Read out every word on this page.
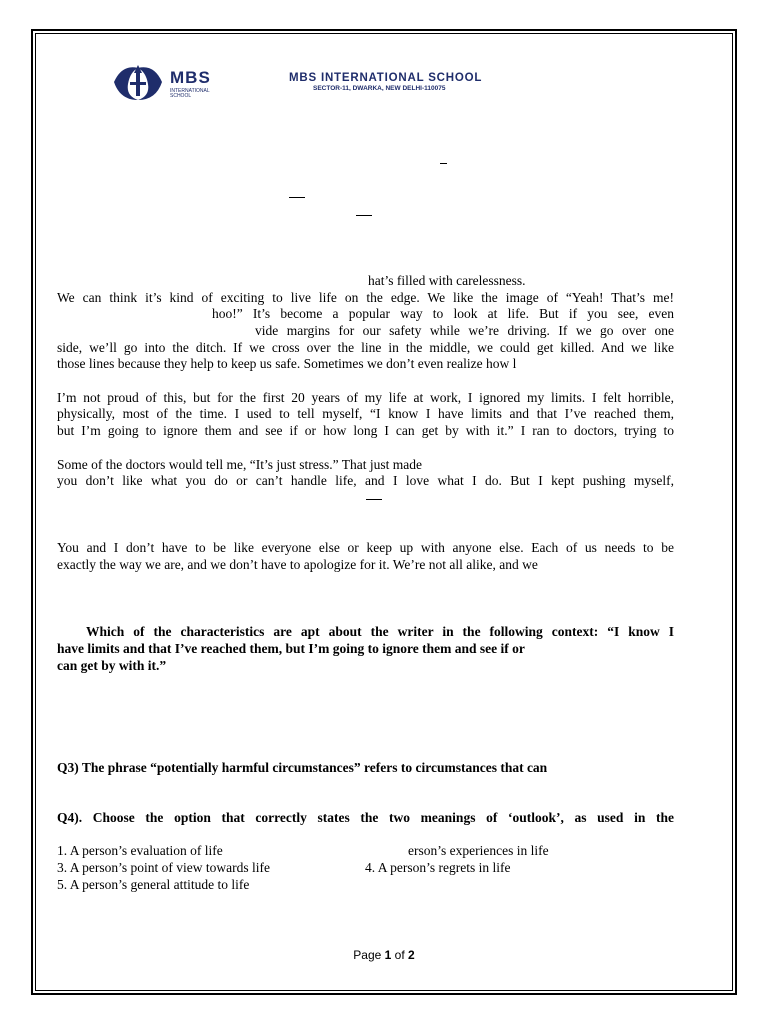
MBS
INTERNATIONAL SCHOOL
MBS INTERNATIONAL SCHOOL
SECTOR-11, DWARKA, NEW DELHI-110075
hat’s filled with carelessness.
We can think it’s kind of exciting to live life on the edge. We like the image of “Yeah! That’s me!
hoo!” It’s become a popular way to look at life. But if you see, even
vide margins for our safety while we’re driving. If we go over one
side, we’ll go into the ditch. If we cross over the line in the middle, we could get killed. And we like
those lines because they help to keep us safe. Sometimes we don’t even realize how l
I’m not proud of this, but for the first 20 years of my life at work, I ignored my limits. I felt horrible,
physically, most of the time. I used to tell myself, “I know I have limits and that I’ve reached them,
but I’m going to ignore them and see if or how long I can get by with it.” I ran to doctors, trying to
Some of the doctors would tell me, “It’s just stress.” That just made
you don’t like what you do or can’t handle life, and I love what I do. But I kept pushing myself,
You and I don’t have to be like everyone else or keep up with anyone else. Each of us needs to be
exactly the way we are, and we don’t have to apologize for it. We’re not all alike, and we
Which of the characteristics are apt about the writer in the following context: “I know I
have limits and that I’ve reached them, but I’m going to ignore them and see if or
can get by with it.”
Q3) The phrase “potentially harmful circumstances” refers to circumstances that can
Q4). Choose the option that correctly states the two meanings of ‘outlook’, as used in the
1. A person’s evaluation of life	erson’s experiences in life
3. A person’s point of view towards life	4. A person’s regrets in life
5. A person’s general attitude to life
Page 1 of 2
